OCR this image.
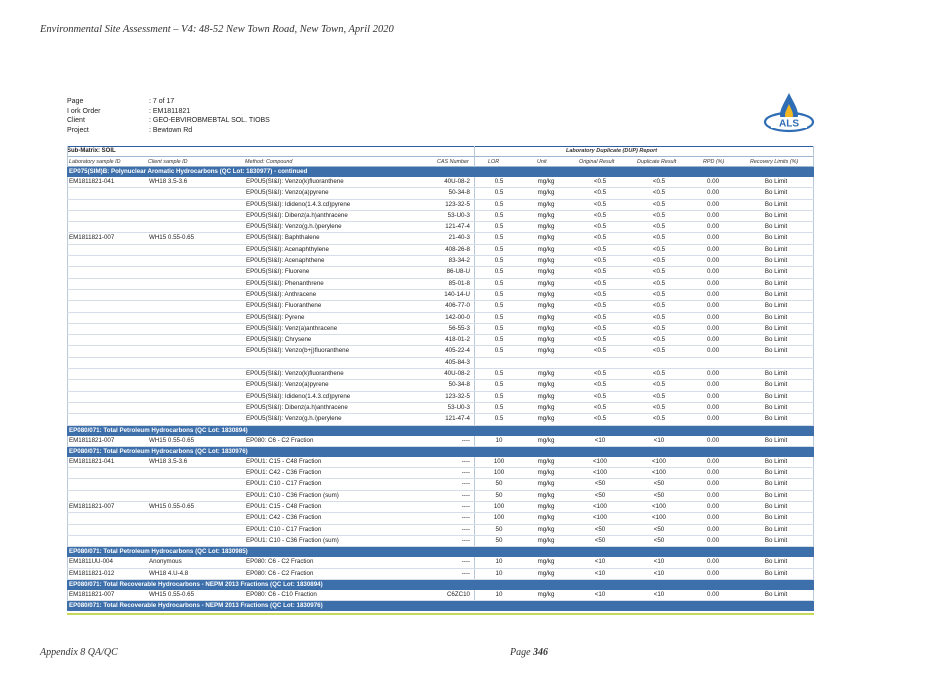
Environmental Site Assessment – V4: 48-52 New Town Road, New Town, April 2020
Page	: 7 of 17
I ork Order	: EM1811821
Client	: GEO-EBVIROBMEBTAL SOL. TIOBS
Project	: Bewtown Rd
ALS
Sub-Matrix: SOIL	Laboratory Duplicate (DUP) Report
Laboratory sample ID	Client sample ID	Method: Compound	CAS Number	LOR	Unit	Original Result	Duplicate Result	RPD (%)	Recovery Limits (%)
EP075(SIM)B: Polynuclear Aromatic Hydrocarbons (QC Lot: 1830977) - continued									
EM1811821-041	WH18 3.5-3.6	EP0U5(SI&I): Venzo(k)fluoranthene	40U-08-2	0.5	mg/kg	<0.5	<0.5	0.00	Bo Limit
		EP0U5(SI&I): Venzo(a)pyrene	50-34-8	0.5	mg/kg	<0.5	<0.5	0.00	Bo Limit
		EP0U5(SI&I): Idideno(1.4.3.cd)pyrene	123-32-5	0.5	mg/kg	<0.5	<0.5	0.00	Bo Limit
		EP0U5(SI&I): Dibenz(a.h)anthracene	53-U0-3	0.5	mg/kg	<0.5	<0.5	0.00	Bo Limit
		EP0U5(SI&I): Venzo(g.h.i)perylene	121-47-4	0.5	mg/kg	<0.5	<0.5	0.00	Bo Limit
EM1811821-007	WH15 0.55-0.65	EP0U5(SI&I): Baphthalene	21-40-3	0.5	mg/kg	<0.5	<0.5	0.00	Bo Limit
		EP0U5(SI&I): Acenaphthylene	408-26-8	0.5	mg/kg	<0.5	<0.5	0.00	Bo Limit
		EP0U5(SI&I): Acenaphthene	83-34-2	0.5	mg/kg	<0.5	<0.5	0.00	Bo Limit
		EP0U5(SI&I): Fluorene	86-U8-U	0.5	mg/kg	<0.5	<0.5	0.00	Bo Limit
		EP0U5(SI&I): Phenanthrene	85-01-8	0.5	mg/kg	<0.5	<0.5	0.00	Bo Limit
		EP0U5(SI&I): Anthracene	140-14-U	0.5	mg/kg	<0.5	<0.5	0.00	Bo Limit
		EP0U5(SI&I): Fluoranthene	406-77-0	0.5	mg/kg	<0.5	<0.5	0.00	Bo Limit
		EP0U5(SI&I): Pyrene	142-00-0	0.5	mg/kg	<0.5	<0.5	0.00	Bo Limit
		EP0U5(SI&I): Venz(a)anthracene	56-55-3	0.5	mg/kg	<0.5	<0.5	0.00	Bo Limit
		EP0U5(SI&I): Chrysene	418-01-2	0.5	mg/kg	<0.5	<0.5	0.00	Bo Limit
		EP0U5(SI&I): Venzo(b+j)fluoranthene	405-22-4	0.5	mg/kg	<0.5	<0.5	0.00	Bo Limit
			405-84-3						
		EP0U5(SI&I): Venzo(k)fluoranthene	40U-08-2	0.5	mg/kg	<0.5	<0.5	0.00	Bo Limit
		EP0U5(SI&I): Venzo(a)pyrene	50-34-8	0.5	mg/kg	<0.5	<0.5	0.00	Bo Limit
		EP0U5(SI&I): Idideno(1.4.3.cd)pyrene	123-32-5	0.5	mg/kg	<0.5	<0.5	0.00	Bo Limit
		EP0U5(SI&I): Dibenz(a.h)anthracene	53-U0-3	0.5	mg/kg	<0.5	<0.5	0.00	Bo Limit
		EP0U5(SI&I): Venzo(g.h.i)perylene	121-47-4	0.5	mg/kg	<0.5	<0.5	0.00	Bo Limit
EP080/071: Total Petroleum Hydrocarbons (QC Lot: 1830894)									
EM1811821-007	WH15 0.55-0.65	EP080: C6 - C2 Fraction	----	10	mg/kg	<10	<10	0.00	Bo Limit
EP080/071: Total Petroleum Hydrocarbons (QC Lot: 1830976)									
EM1811821-041	WH18 3.5-3.6	EP0U1: C15 - C48 Fraction	----	100	mg/kg	<100	<100	0.00	Bo Limit
		EP0U1: C42 - C36 Fraction	----	100	mg/kg	<100	<100	0.00	Bo Limit
		EP0U1: C10 - C17 Fraction	----	50	mg/kg	<50	<50	0.00	Bo Limit
		EP0U1: C10 - C36 Fraction (sum)	----	50	mg/kg	<50	<50	0.00	Bo Limit
EM1811821-007	WH15 0.55-0.65	EP0U1: C15 - C48 Fraction	----	100	mg/kg	<100	<100	0.00	Bo Limit
		EP0U1: C42 - C36 Fraction	----	100	mg/kg	<100	<100	0.00	Bo Limit
		EP0U1: C10 - C17 Fraction	----	50	mg/kg	<50	<50	0.00	Bo Limit
		EP0U1: C10 - C36 Fraction (sum)	----	50	mg/kg	<50	<50	0.00	Bo Limit
EP080/071: Total Petroleum Hydrocarbons (QC Lot: 1830985)									
EM1811UU-004	Anonymous	EP080: C6 - C2 Fraction	----	10	mg/kg	<10	<10	0.00	Bo Limit
EM1811821-012	WH18 4.U-4.8	EP080: C6 - C2 Fraction	----	10	mg/kg	<10	<10	0.00	Bo Limit
EP080/071: Total Recoverable Hydrocarbons - NEPM 2013 Fractions (QC Lot: 1830894)									
EM1811821-007	WH15 0.55-0.65	EP080: C6 - C10 Fraction	C6ZC10	10	mg/kg	<10	<10	0.00	Bo Limit
EP080/071: Total Recoverable Hydrocarbons - NEPM 2013 Fractions (QC Lot: 1830976)									
Appendix 8 QA/QC	Page 346
